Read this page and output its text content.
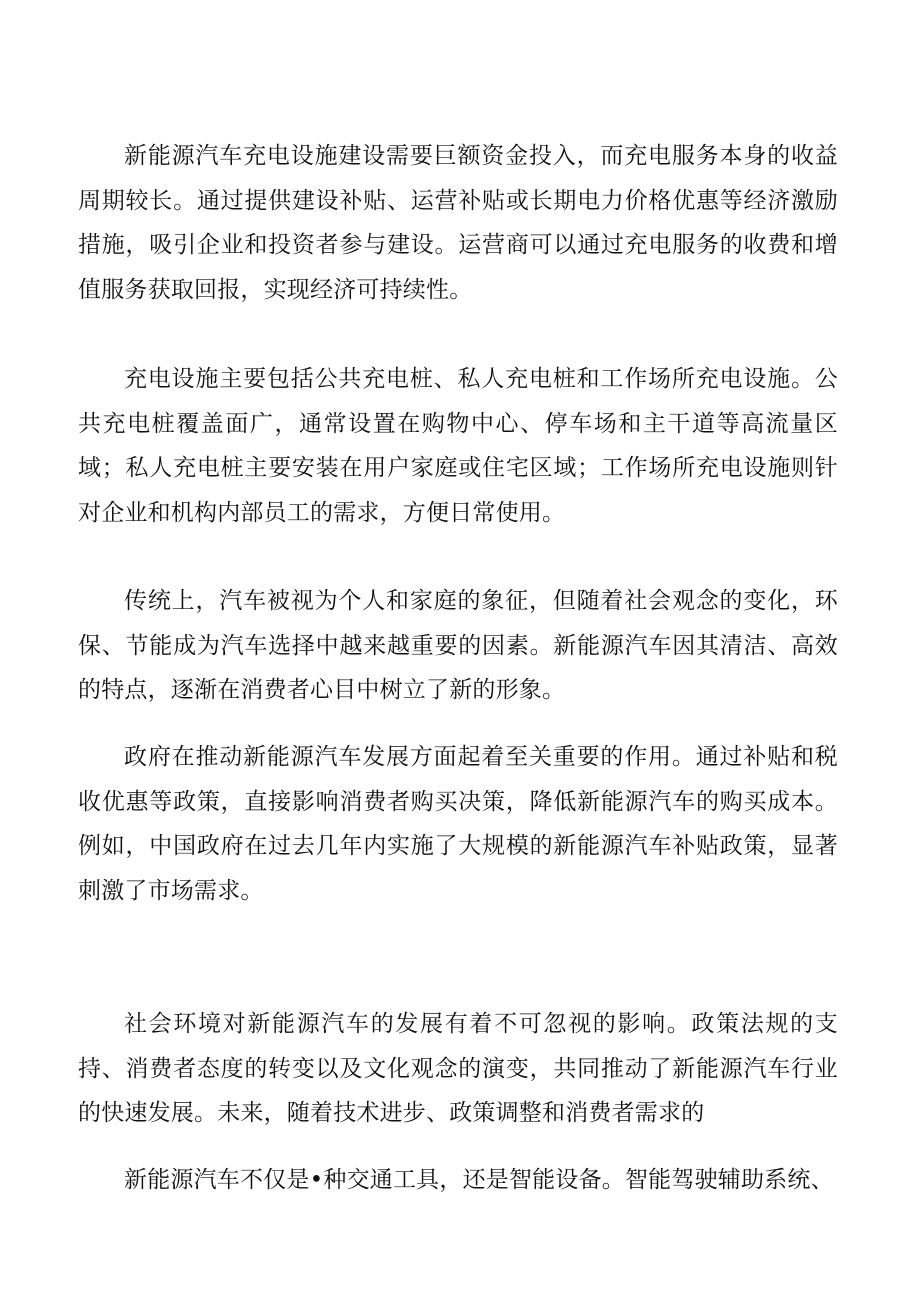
新能源汽车充电设施建设需要巨额资金投入，而充电服务本身的收益周期较长。通过提供建设补贴、运营补贴或长期电力价格优惠等经济激励措施，吸引企业和投资者参与建设。运营商可以通过充电服务的收费和增值服务获取回报，实现经济可持续性。

充电设施主要包括公共充电桩、私人充电桩和工作场所充电设施。公共充电桩覆盖面广，通常设置在购物中心、停车场和主干道等高流量区域；私人充电桩主要安装在用户家庭或住宅区域；工作场所充电设施则针对企业和机构内部员工的需求，方便日常使用。

传统上，汽车被视为个人和家庭的象征，但随着社会观念的变化，环保、节能成为汽车选择中越来越重要的因素。新能源汽车因其清洁、高效的特点，逐渐在消费者心目中树立了新的形象。

政府在推动新能源汽车发展方面起着至关重要的作用。通过补贴和税收优惠等政策，直接影响消费者购买决策，降低新能源汽车的购买成本。例如，中国政府在过去几年内实施了大规模的新能源汽车补贴政策，显著刺激了市场需求。

社会环境对新能源汽车的发展有着不可忽视的影响。政策法规的支持、消费者态度的转变以及文化观念的演变，共同推动了新能源汽车行业的快速发展。未来，随着技术进步、政策调整和消费者需求的

新能源汽车不仅是•种交通工具，还是智能设备。智能驾驶辅助系统、
